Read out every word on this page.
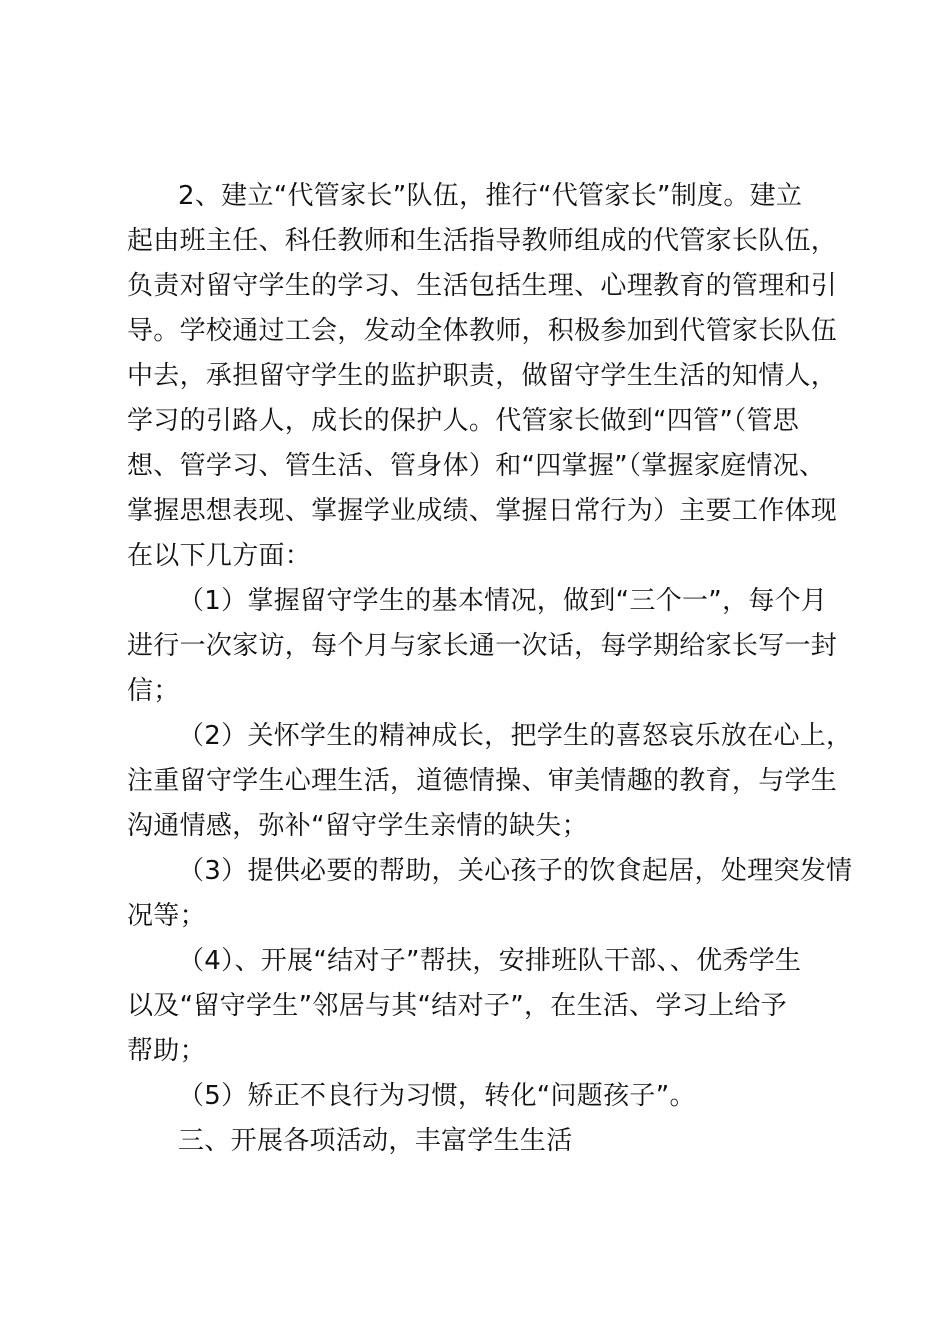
2、建立“代管家长”队伍，推行“代管家长”制度。建立
起由班主任、科任教师和生活指导教师组成的代管家长队伍，
负责对留守学生的学习、生活包括生理、心理教育的管理和引
导。学校通过工会，发动全体教师，积极参加到代管家长队伍
中去，承担留守学生的监护职责，做留守学生生活的知情人，
学习的引路人，成长的保护人。代管家长做到“四管”（管思
想、管学习、管生活、管身体）和“四掌握”（掌握家庭情况、
掌握思想表现、掌握学业成绩、掌握日常行为）主要工作体现
在以下几方面：
（1）掌握留守学生的基本情况，做到“三个一”，每个月
进行一次家访，每个月与家长通一次话，每学期给家长写一封
信；
（2）关怀学生的精神成长，把学生的喜怒哀乐放在心上，
注重留守学生心理生活，道德情操、审美情趣的教育，与学生
沟通情感，弥补“留守学生亲情的缺失；
（3）提供必要的帮助，关心孩子的饮食起居，处理突发情
况等；
（4）、开展“结对子”帮扶，安排班队干部、、优秀学生
以及“留守学生”邻居与其“结对子”，在生活、学习上给予
帮助；
（5）矫正不良行为习惯，转化“问题孩子”。
三、开展各项活动，丰富学生生活
